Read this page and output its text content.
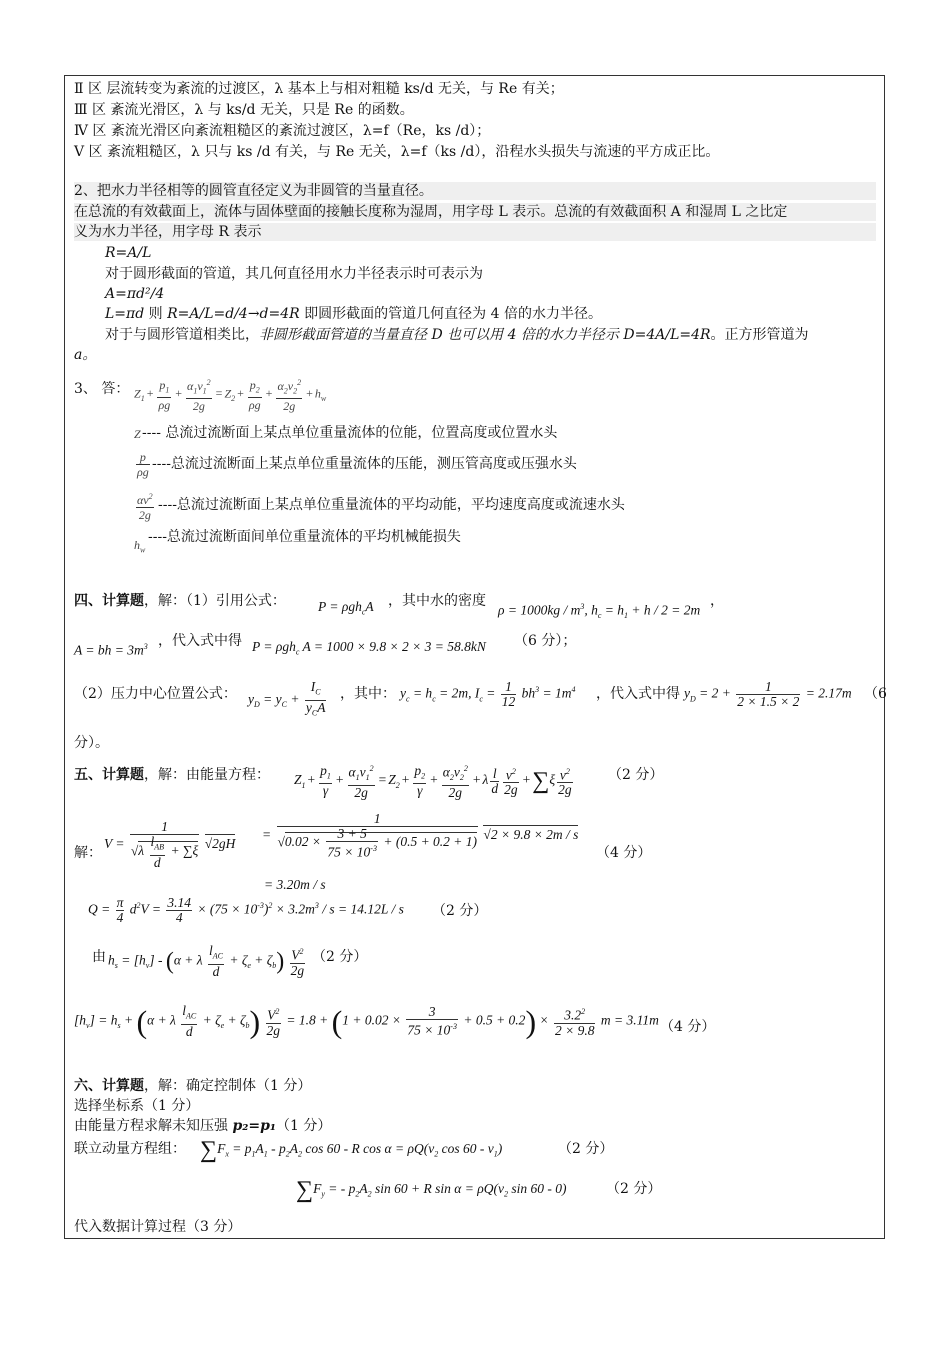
Ⅱ 区 层流转变为紊流的过渡区，λ 基本上与相对粗糙 ks/d 无关，与 Re 有关；
Ⅲ 区 紊流光滑区，λ 与 ks/d 无关，只是 Re 的函数。
Ⅳ 区 紊流光滑区向紊流粗糙区的紊流过渡区，λ=f（Re，ks /d）；
Ⅴ 区 紊流粗糙区，λ 只与 ks /d 有关，与 Re 无关，λ=f（ks /d），沿程水头损失与流速的平方成正比。
2、把水力半径相等的圆管直径定义为非圆管的当量直径。
在总流的有效截面上，流体与固体壁面的接触长度称为湿周，用字母 L 表示。总流的有效截面积 A 和湿周 L 之比定
义为水力半径，用字母 R 表示
R=A/L
对于圆形截面的管道，其几何直径用水力半径表示时可表示为
A=πd²/4
L=πd 则 R=A/L=d/4→d=4R 即圆形截面的管道几何直径为 4 倍的水力半径。
对于与圆形管道相类比，非圆形截面管道的当量直径 D 也可以用 4 倍的水力半径示 D=4A/L=4R。正方形管道为
a。
3、 答： $Z_1 + \frac{p_1}{\rho g} + \frac{\alpha_1v_1^2}{2g} = Z_2 + \frac{p_2}{\rho g} + \frac{\alpha_2v_2^2}{2g} + h_w$
Z ---- 总流过流断面上某点单位重量流体的位能，位置高度或位置水头
$\frac{p}{\rho g}$ ----总流过流断面上某点单位重量流体的压能，测压管高度或压强水头
$\frac{\alpha v^2}{2g}$ ----总流过流断面上某点单位重量流体的平均动能，平均速度高度或流速水头
$h_w$
----总流过流断面间单位重量流体的平均机械能损失
四、计算题，解：（1）引用公式： P = ρgh$_c$A ，其中水的密度
$\rho = 1000kg / m^3$, $h_c = h_1 + h / 2 = 2m$
，
A = bh = $3m^3$ ，代入式中得 P = ρgh$_c$ A = 1000 × 9.8 × 2 × 3 = 58.8kN （6 分）；
（2）压力中心位置公式： $y_D = y_C$ +
$I_C$
$y_CA$
，其中： $y_c = h_c = 2m$, $I_c = \frac{1}{12} bh^3 = 1m^4$ ，代入式中得 $y_D = 2 + \frac{1}{2 \times 1.5 \times 2} = 2.17m$ （6
分）。
五、计算题，解：由能量方程： $Z_1 + \frac{p_1}{\gamma} + \frac{\alpha_1v_1^2}{2g} = Z_2 + \frac{p_2}{\gamma} + \frac{\alpha_2v_2^2}{2g} + \lambda \frac{l}{d} \frac{v^2}{2g} +\sum\xi \frac{v^2}{2g}$	（2 分）
解：
V =
1
√λ
$l_{AB}$
d
+ ∑ξ √2gH
= $\frac{1}{√0.02 \times \frac{3 + 5}{75 \times 10^{-3}} + (0.5 + 0.2 + 1)} √2 \times 9.8 \times 2m / s$
= 3.20m / s
（4 分）
$Q = \frac{\pi}{4} d^2V = \frac{3.14}{4} \times (75 \times 10^{-3})^2 \times 3.2m^3 / s = 14.12L / s$ （2 分）
由 $h_s = [h_v] - (\alpha + \lambda$
$l_{AC}$
d
+ $\zeta_e + \zeta_b) \frac{V^2}{2g} (2$ 分）
$[h_v] = h_s + (\alpha + \lambda$
$l_{AC}$
d
+ $\zeta_e + \zeta_b) \frac{V^2}{2g} = 1.8 + (1 + 0.02 \times \frac{3}{75 \times 10^{-3}} + 0.5 + 0.2) \times \frac{3.2^2}{2 \times 9.8}$ m = 3.11m （4 分）
六、计算题，解：确定控制体（1 分）
选择坐标系（1 分）
由能量方程求解未知压强 p₂=p₁（1 分）
联立动量方程组： $\sum F_x = p_1A_1 - p_2A_2$ cos 60 - R $\cos \alpha = \rho Q(v_2$ $\cos 60 - v_1$)	（2 分）
$\sum F_y$ = - $p_2A_2$ sin 60 + R $\sin \alpha = \rho Q(v_2$ sin 60 - 0)	（2 分）
代入数据计算过程（3 分）
